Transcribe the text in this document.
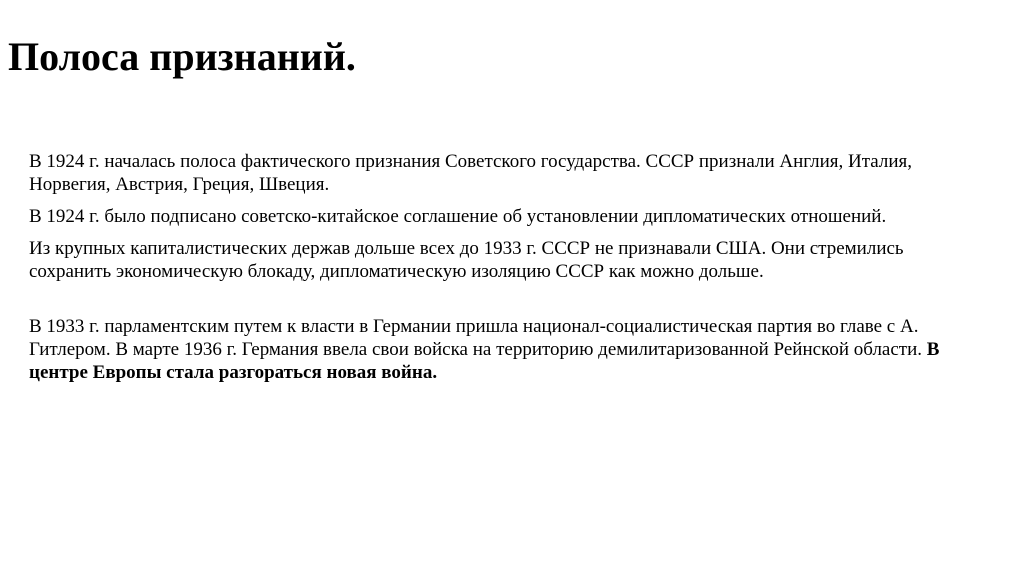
Полоса признаний.

В 1924 г. началась полоса фактического признания Советского государства. СССР признали Англия, Италия, Норвегия, Австрия, Греция, Швеция.

В 1924 г. было подписано советско-китайское соглашение об установлении дипломатических отношений.

Из крупных капиталистических держав дольше всех до 1933 г. СССР не признавали США. Они стремились сохранить экономическую блокаду, дипломатическую изоляцию СССР как можно дольше.

В 1933 г. парламентским путем к власти в Германии пришла национал-социалистическая партия во главе с А. Гитлером. В марте 1936 г. Германия ввела свои войска на территорию демилитаризованной Рейнской области. В центре Европы стала разгораться новая война.
